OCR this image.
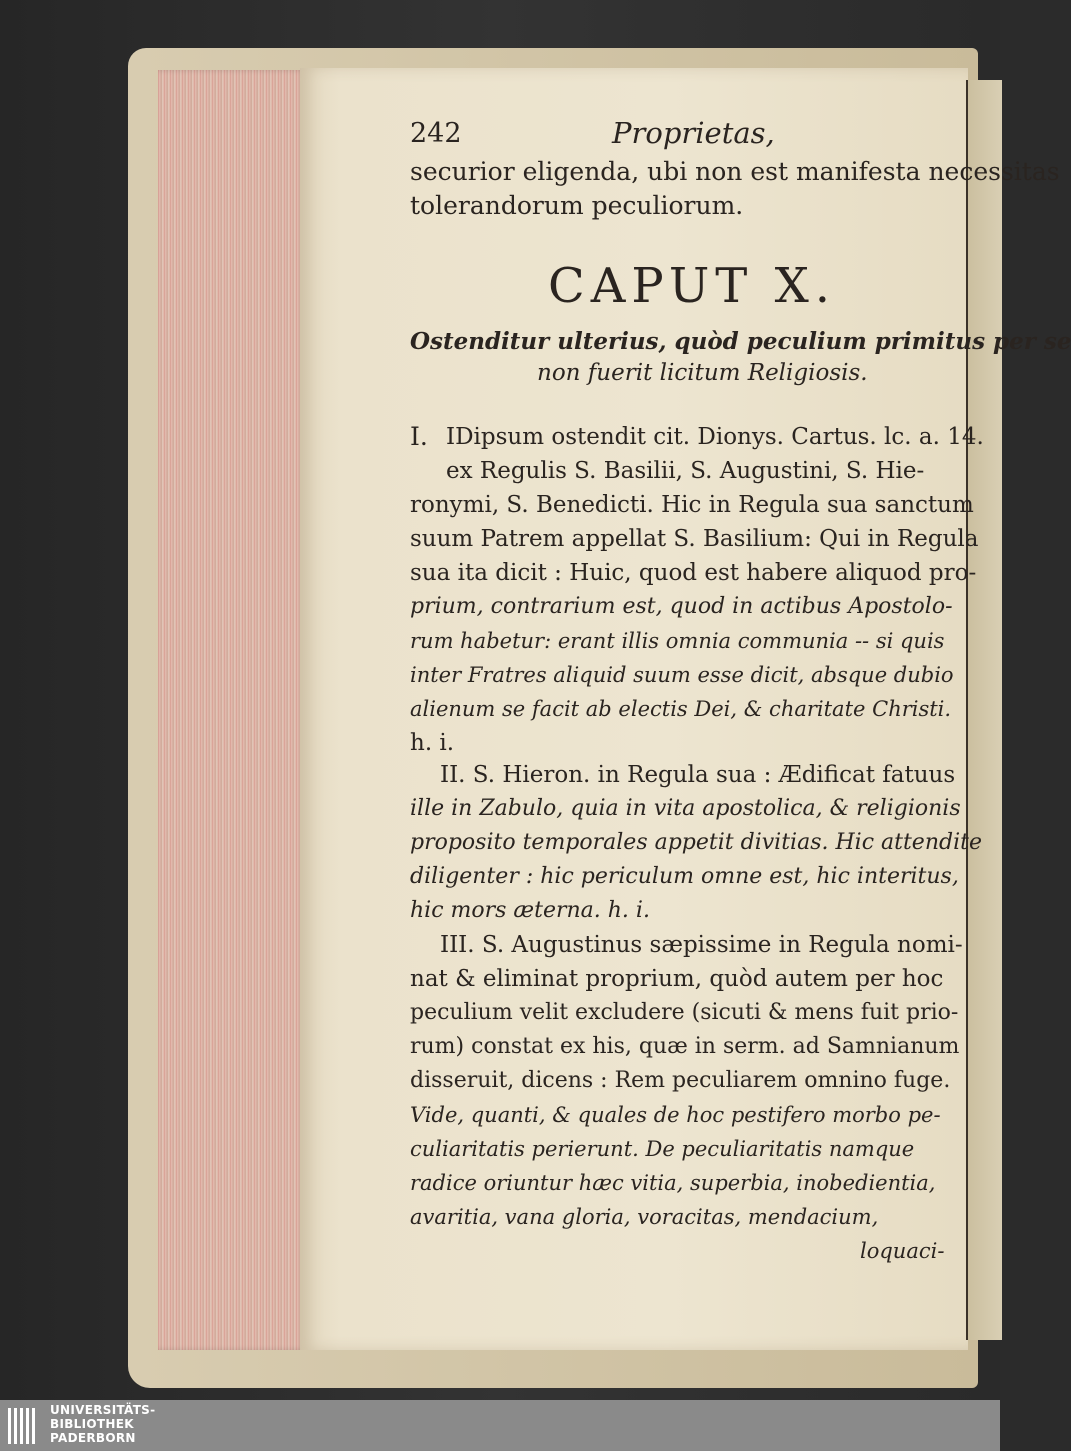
242	Proprietas,
securior eligenda, ubi non est manifesta necessitas
tolerandorum peculiorum.
CAPUT X.
Ostenditur ulterius, quòd peculium primitus per se
non fuerit licitum Religiosis.
I. IDipsum ostendit cit. Dionys. Cartus. lc. a. 14.
ex Regulis S. Basilii, S. Augustini, S. Hie-
ronymi, S. Benedicti. Hic in Regula sua sanctum
suum Patrem appellat S. Basilium: Qui in Regula
sua ita dicit : Huic, quod est habere aliquod pro-
prium, contrarium est, quod in actibus Apostolo-
rum habetur: erant illis omnia communia -- si quis
inter Fratres aliquid suum esse dicit, absque dubio
alienum se facit ab electis Dei, & charitate Christi.
h. i.
II. S. Hieron. in Regula sua : Ædificat fatuus
ille in Zabulo, quia in vita apostolica, & religionis
proposito temporales appetit divitias. Hic attendite
diligenter : hic periculum omne est, hic interitus,
hic mors æterna. h. i.
III. S. Augustinus sæpissime in Regula nomi-
nat & eliminat proprium, quòd autem per hoc
peculium velit excludere (sicuti & mens fuit prio-
rum) constat ex his, quæ in serm. ad Samnianum
disseruit, dicens : Rem peculiarem omnino fuge.
Vide, quanti, & quales de hoc pestifero morbo pe-
culiaritatis perierunt. De peculiaritatis namque
radice oriuntur hæc vitia, superbia, inobedientia,
avaritia, vana gloria, voracitas, mendacium,
loquaci-
UNIVERSITÄTS-
BIBLIOTHEK
PADERBORN
